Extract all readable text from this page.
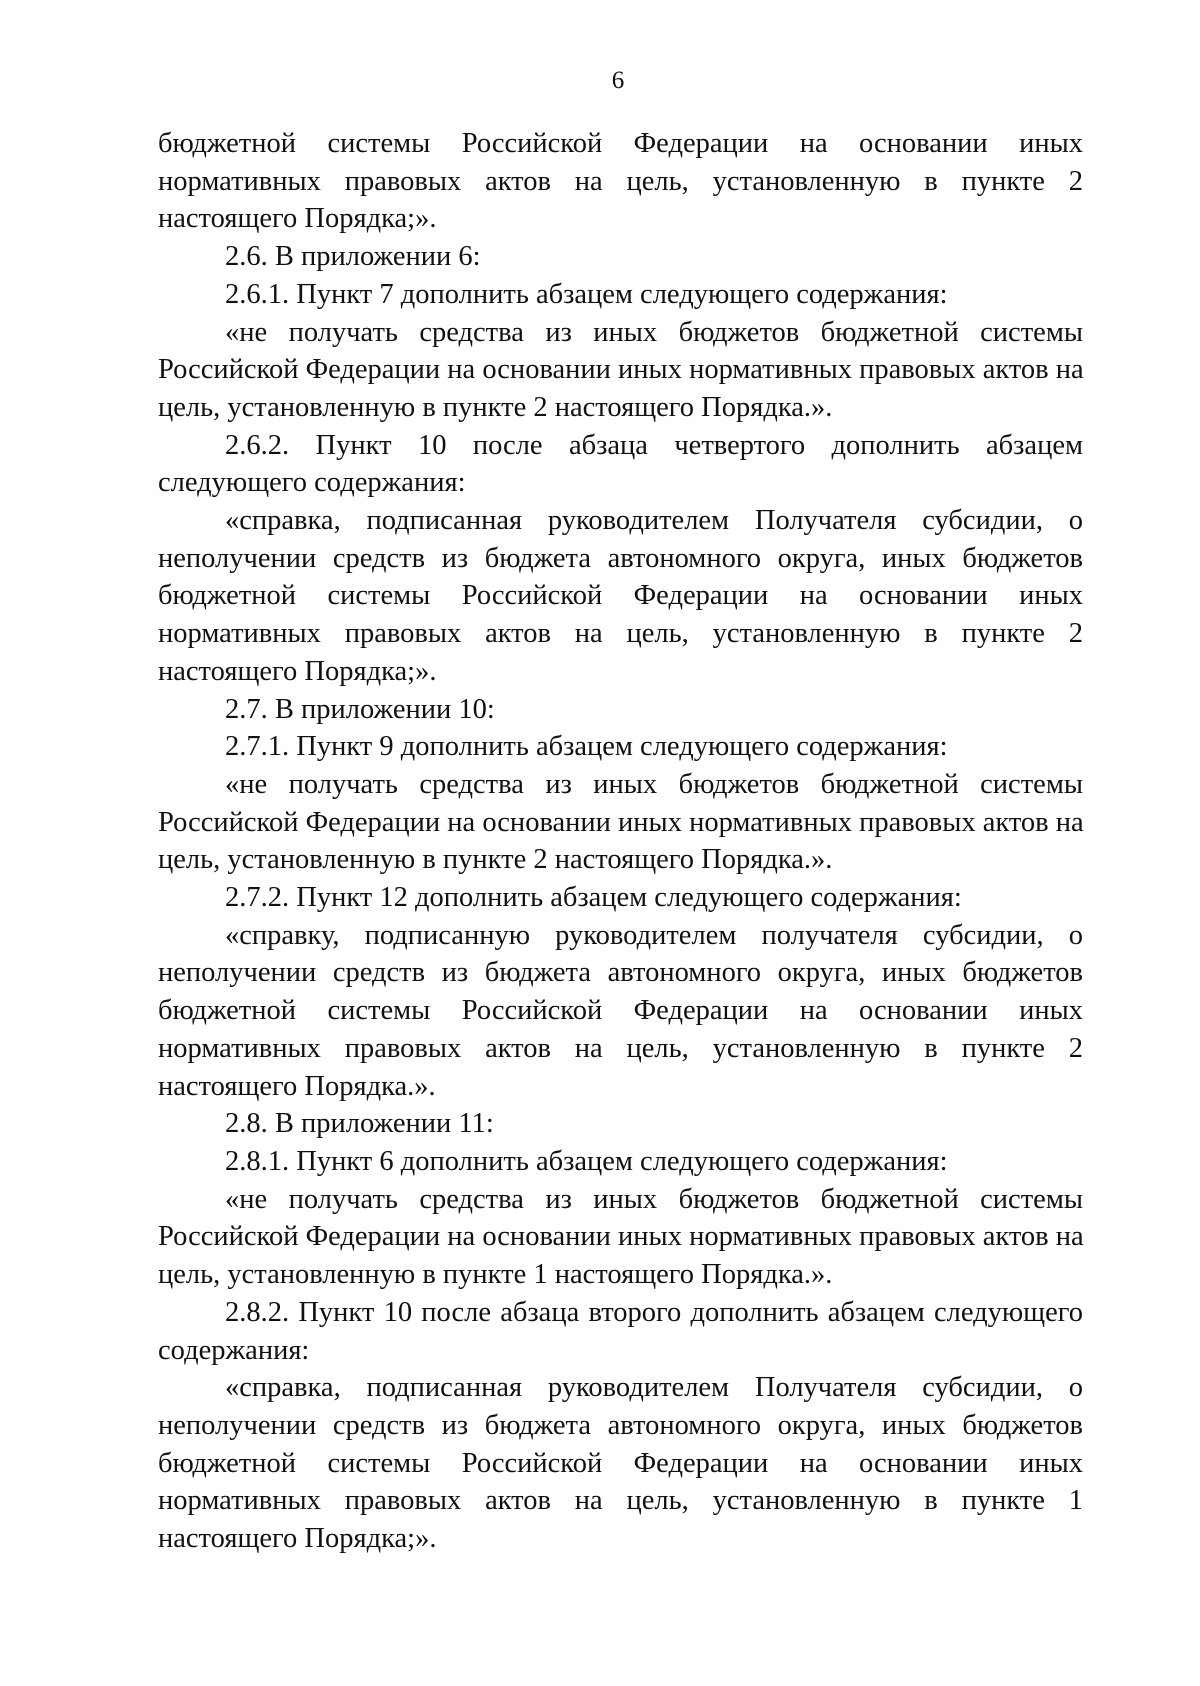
6
бюджетной системы Российской Федерации на основании иных
нормативных правовых актов на цель, установленную в пункте 2
настоящего Порядка;».
2.6. В приложении 6:
2.6.1. Пункт 7 дополнить абзацем следующего содержания:
«не получать средства из иных бюджетов бюджетной системы
Российской Федерации на основании иных нормативных правовых актов на
цель, установленную в пункте 2 настоящего Порядка.».
2.6.2. Пункт 10 после абзаца четвертого дополнить абзацем
следующего содержания:
«справка, подписанная руководителем Получателя субсидии, о
неполучении средств из бюджета автономного округа, иных бюджетов
бюджетной системы Российской Федерации на основании иных
нормативных правовых актов на цель, установленную в пункте 2
настоящего Порядка;».
2.7. В приложении 10:
2.7.1. Пункт 9 дополнить абзацем следующего содержания:
«не получать средства из иных бюджетов бюджетной системы
Российской Федерации на основании иных нормативных правовых актов на
цель, установленную в пункте 2 настоящего Порядка.».
2.7.2. Пункт 12 дополнить абзацем следующего содержания:
«справку, подписанную руководителем получателя субсидии, о
неполучении средств из бюджета автономного округа, иных бюджетов
бюджетной системы Российской Федерации на основании иных
нормативных правовых актов на цель, установленную в пункте 2
настоящего Порядка.».
2.8. В приложении 11:
2.8.1. Пункт 6 дополнить абзацем следующего содержания:
«не получать средства из иных бюджетов бюджетной системы
Российской Федерации на основании иных нормативных правовых актов на
цель, установленную в пункте 1 настоящего Порядка.».
2.8.2. Пункт 10 после абзаца второго дополнить абзацем следующего
содержания:
«справка, подписанная руководителем Получателя субсидии, о
неполучении средств из бюджета автономного округа, иных бюджетов
бюджетной системы Российской Федерации на основании иных
нормативных правовых актов на цель, установленную в пункте 1
настоящего Порядка;».
